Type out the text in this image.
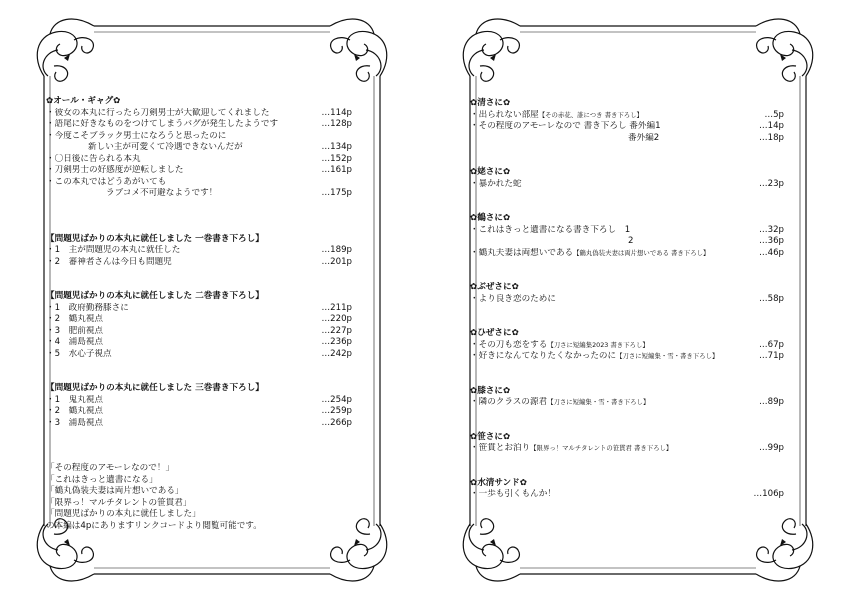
✿オール・ギャグ✿
・彼女の本丸に行ったら刀剣男士が大歓迎してくれました	…114p
・語尾に好きなものをつけてしまうバグが発生したようです	…128p
・今度こそブラック男士になろうと思ったのに
新しい主が可愛くて冷遇できないんだが	…134p
・〇日後に告られる本丸	…152p
・刀剣男士の好感度が逆転しました	…161p
・この本丸ではどうあがいても
ラブコメ不可避なようです！	…175p
【問題児ばかりの本丸に就任しました 一巻書き下ろし】
・1　主が問題児の本丸に就任した	…189p
・2　審神者さんは今日も問題児	…201p
【問題児ばかりの本丸に就任しました 二巻書き下ろし】
・1　政府勤務膝さに	…211p
・2　鶴丸視点	…220p
・3　肥前視点	…227p
・4　浦島視点	…236p
・5　水心子視点	…242p
【問題児ばかりの本丸に就任しました 三巻書き下ろし】
・1　鬼丸視点	…254p
・2　鶴丸視点	…259p
・3　浦島視点	…266p
「その程度のアモーレなので！」
「これはきっと遺書になる」
「鶴丸偽装夫妻は両片想いである」
「限界っ！マルチタレントの笹貫君」
「問題児ばかりの本丸に就任しました」
の本編は4pにありますリンクコードより閲覧可能です。
✿清さに✿
・出られない部屋【その赤花、誰につき 書き下ろし】	…5p
・その程度のアモーレなので 書き下ろし 番外編1	…14p
番外編2	…18p
✿姥さに✿
・暴かれた蛇	…23p
✿鶴さに✿
・これはきっと遺書になる書き下ろし　1	…32p
2	…36p
・鶴丸夫妻は両想いである【鶴丸偽装夫妻は両片想いである 書き下ろし】	…46p
✿ぶぜさに✿
・より良き恋のために	…58p
✿ひぜさに✿
・その刀も恋をする【刀さに短編集2023 書き下ろし】	…67p
・好きになんてなりたくなかったのに【刀さに短編集・雪・書き下ろし】	…71p
✿膝さに✿
・隣のクラスの源君【刀さに短編集・雪・書き下ろし】	…89p
✿笹さに✿
・笹貫とお泊り【限界っ！マルチタレントの笹貫君 書き下ろし】	…99p
✿水清サンド✿
・一歩も引くもんか！	…106p
